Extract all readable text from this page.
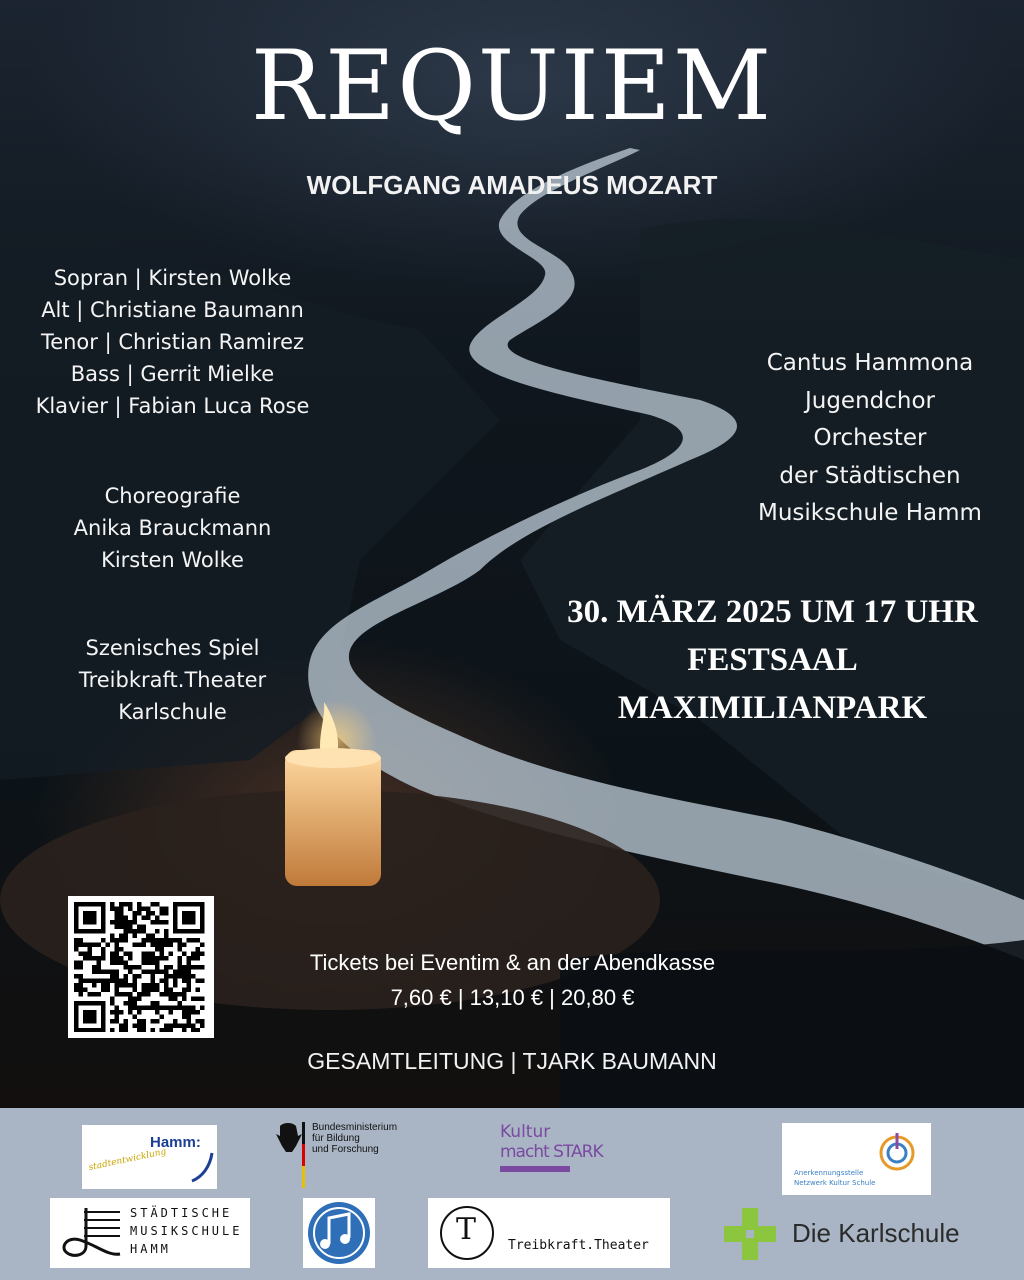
REQUIEM
WOLFGANG AMADEUS MOZART
Sopran | Kirsten Wolke
Alt | Christiane Baumann
Tenor | Christian Ramirez
Bass | Gerrit Mielke
Klavier | Fabian Luca Rose
Choreografie
Anika Brauckmann
Kirsten Wolke
Szenisches Spiel
Treibkraft.Theater
Karlschule
Cantus Hammona
Jugendchor
Orchester
der Städtischen
Musikschule Hamm
30. MÄRZ 2025 UM 17 UHR
FESTSAAL
MAXIMILIANPARK
Tickets bei Eventim & an der Abendkasse
7,60 € | 13,10 € | 20,80 €
GESAMTLEITUNG | TJARK BAUMANN
stadtentwicklung
Hamm:
Bundesministerium
für Bildung
und Forschung
Kultur
macht STARK
Anerkennungsstelle
Netzwerk Kultur Schule
STÄDTISCHE
MUSIKSCHULE
HAMM
T Treibkraft.Theater	Die Karlschule
